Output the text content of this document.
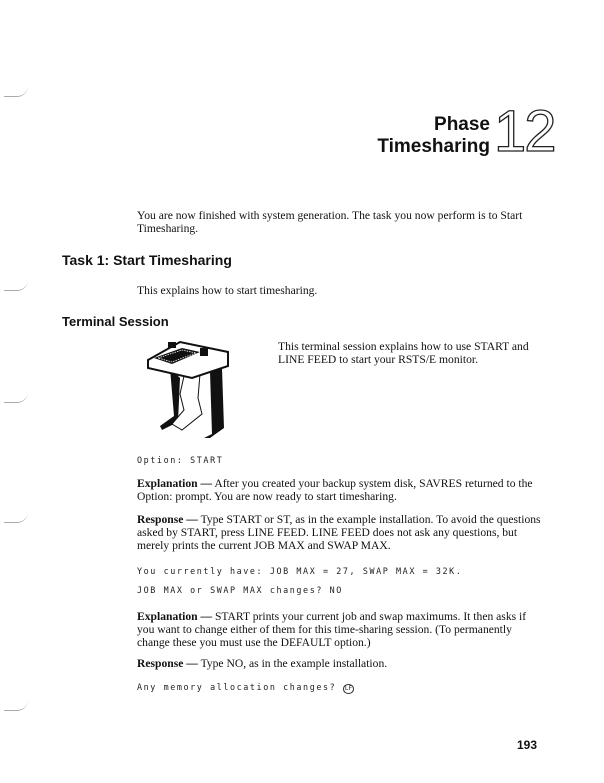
Phase
Timesharing 12
You are now finished with system generation. The task you now perform is to Start Timesharing.
Task 1: Start Timesharing
This explains how to start timesharing.
Terminal Session
This terminal session explains how to use START and LINE FEED to start your RSTS/E monitor.
Option: START
Explanation — After you created your backup system disk, SAVRES returned to the Option: prompt. You are now ready to start timesharing.
Response — Type START or ST, as in the example installation. To avoid the questions asked by START, press LINE FEED. LINE FEED does not ask any questions, but merely prints the current JOB MAX and SWAP MAX.
You currently have: JOB MAX = 27, SWAP MAX = 32K.
JOB MAX or SWAP MAX changes? NO
Explanation — START prints your current job and swap maximums. It then asks if you want to change either of them for this time-sharing session. (To permanently change these you must use the DEFAULT option.)
Response — Type NO, as in the example installation.
Any memory allocation changes? LF
193
